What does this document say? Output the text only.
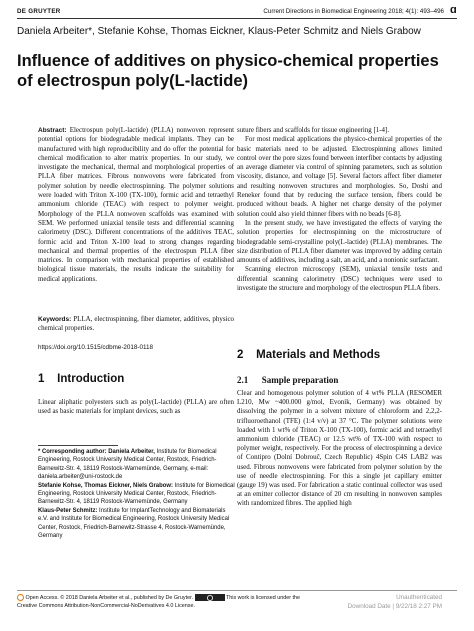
DE GRUYTER	Current Directions in Biomedical Engineering 2018; 4(1): 493–496 ɑ
Daniela Arbeiter*, Stefanie Kohse, Thomas Eickner, Klaus-Peter Schmitz and Niels Grabow
Influence of additives on physico-chemical properties of electrospun poly(L-lactide)
Abstract: Electrospun poly(L-lactide) (PLLA) nonwoven represent potential options for biodegradable medical implants. They can be manufactured with high reproducibility and do offer the potential for chemical modification to alter matrix properties. In our study, we investigate the mechanical, thermal and morphological properties of PLLA fiber matrices. Fibrous nonwovens were fabricated from polymer solution by needle electrospinning. The polymer solutions were loaded with Triton X-100 (TX-100), formic acid and tetraethyl ammonium chloride (TEAC) with respect to polymer weight. Morphology of the PLLA nonwoven scaffolds was examined with SEM. We performed uniaxial tensile tests and differential scanning calorimetry (DSC). Different concentrations of the additives TEAC, formic acid and Triton X-100 lead to strong changes regarding mechanical and thermal properties of the electrospun PLLA fiber matrices. In comparison with mechanical properties of established biological tissue materials, the results indicate the suitability for medical applications.
Keywords: PLLA, electrospinning, fiber diameter, additives, physico chemical properties.
https://doi.org/10.1515/cdbme-2018-0118
1    Introduction
Linear aliphatic polyesters such as poly(L-lactide) (PLLA) are often used as basic materials for implant devices, such as

* Corresponding author: Daniela Arbeiter, Institute for Biomedical Engineering, Rostock University Medical Center, Rostock, Friedrich-Barnewitz-Str. 4, 18119 Rostock-Warnemünde, Germany, e-mail: daniela.arbeiter@uni-rostock.de

Stefanie Kohse, Thomas Eickner, Niels Grabow: Institute for Biomedical Engineering, Rostock University Medical Center, Rostock, Friedrich-Barnewitz-Str. 4, 18119 Rostock-Warnemünde, Germany

Klaus-Peter Schmitz: Institute for ImplantTechnology and Biomaterials e.V. and Institute for Biomedical Engineering, Rostock University Medical Center, Rostock, Friedrich-Barnewitz-Strasse 4, Rostock-Warnemünde, Germany

suture fibers and scaffolds for tissue engineering [1-4].

For most medical applications the physico-chemical properties of the basic materials need to be adjusted. Electrospinning allows limited control over the pore sizes found between interfiber contacts by adjusting an average diameter via control of spinning parameters, such as solution viscosity, distance, and voltage [5]. Several factors affect fiber diameter and resulting nonwoven structures and morphologies. So, Doshi and Reneker found that by reducing the surface tension, fibers could be produced without beads. A higher net charge density of the polymer solution could also yield thinner fibers with no beads [6-8].

In the present study, we have investigated the effects of varying the solution properties for electrospinning on the microstructure of biodegradable semi-crystalline poly(L-lactide) (PLLA) membranes. The size distribution of PLLA fiber diameter was improved by adding certain amounts of additives, including a salt, an acid, and a nonionic surfactant.

Scanning electron microscopy (SEM), uniaxial tensile tests and differential scanning calorimetry (DSC) techniques were used to investigate the structure and morphology of the electrospun PLLA fibers.

2    Materials and Methods
2.1      Sample preparation
Clear and homogenous polymer solution of 4 wt% PLLA (RESOMER L210, Mw ~400.000 g/mol, Evonik, Germany) was obtained by dissolving the polymer in a solvent mixture of chloroform and 2,2,2-trifluoroethanol (TFE) (1:4 v/v) at 37 °C. The polymer solutions were loaded with 1 wt% of Triton X-100 (TX-100), formic acid and tetraethyl ammonium chloride (TEAC) or 12.5 wt% of TX-100 with respect to polymer weight, respectively. For the process of electrospinning a device of Contipro (Dolní Dobrouč, Czech Republic) 4Spin C4S LAB2 was used. Fibrous nonwovens were fabricated from polymer solution by the use of needle electrospinning. For this a single jet capillary emitter (gauge 19) was used. For fabrication a static continual collector was used at an emitter collector distance of 20 cm resulting in nonwoven samples with randomized fibres. The applied high
Open Access. © 2018 Daniela Arbeiter et al., published by De Gruyter.	This work is licensed under the Creative Commons Attribution-NonCommercial-NoDerivatives 4.0 License.
Unauthenticated
Download Date | 9/22/18 2:27 PM
